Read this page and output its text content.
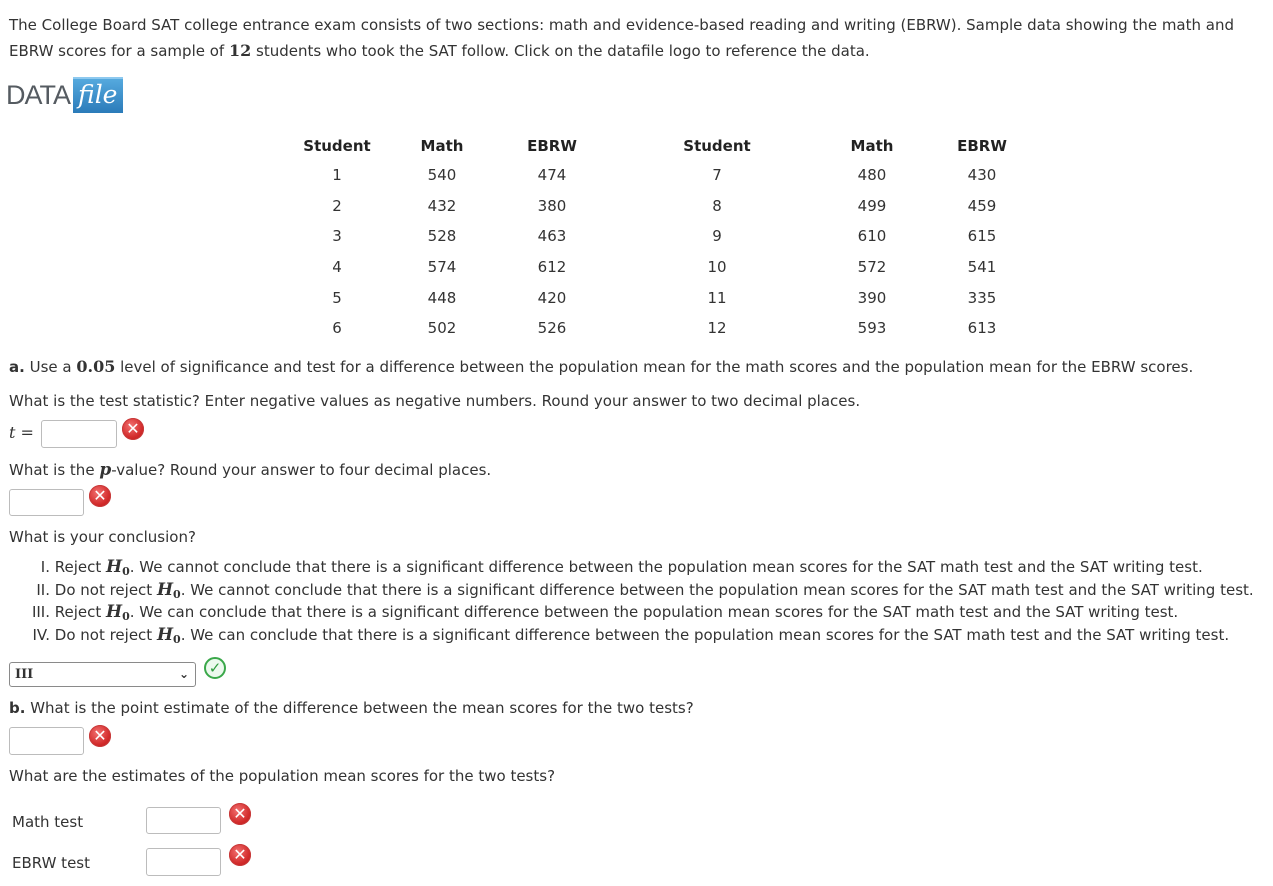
The College Board SAT college entrance exam consists of two sections: math and evidence-based reading and writing (EBRW). Sample data showing the math and EBRW scores for a sample of 12 students who took the SAT follow. Click on the datafile logo to reference the data.

DATA file
Student	Math	EBRW	Student	Math	EBRW
1	540	474	7	480	430
2	432	380	8	499	459
3	528	463	9	610	615
4	574	612	10	572	541
5	448	420	11	390	335
6	502	526	12	593	613

a. Use a 0.05 level of significance and test for a difference between the population mean for the math scores and the population mean for the EBRW scores.

What is the test statistic? Enter negative values as negative numbers. Round your answer to two decimal places.

t =	✕

What is the p-value? Round your answer to four decimal places.

✕

What is your conclusion?

I. Reject $H_0$. We cannot conclude that there is a significant difference between the population mean scores for the SAT math test and the SAT writing test.
II. Do not reject $H_0$. We cannot conclude that there is a significant difference between the population mean scores for the SAT math test and the SAT writing test.
III. Reject $H_0$. We can conclude that there is a significant difference between the population mean scores for the SAT math test and the SAT writing test.
IV. Do not reject $H_0$. We can conclude that there is a significant difference between the population mean scores for the SAT math test and the SAT writing test.
III	⌄	✓

b. What is the point estimate of the difference between the mean scores for the two tests?

✕

What are the estimates of the population mean scores for the two tests?

Math test	✕
EBRW test	✕
